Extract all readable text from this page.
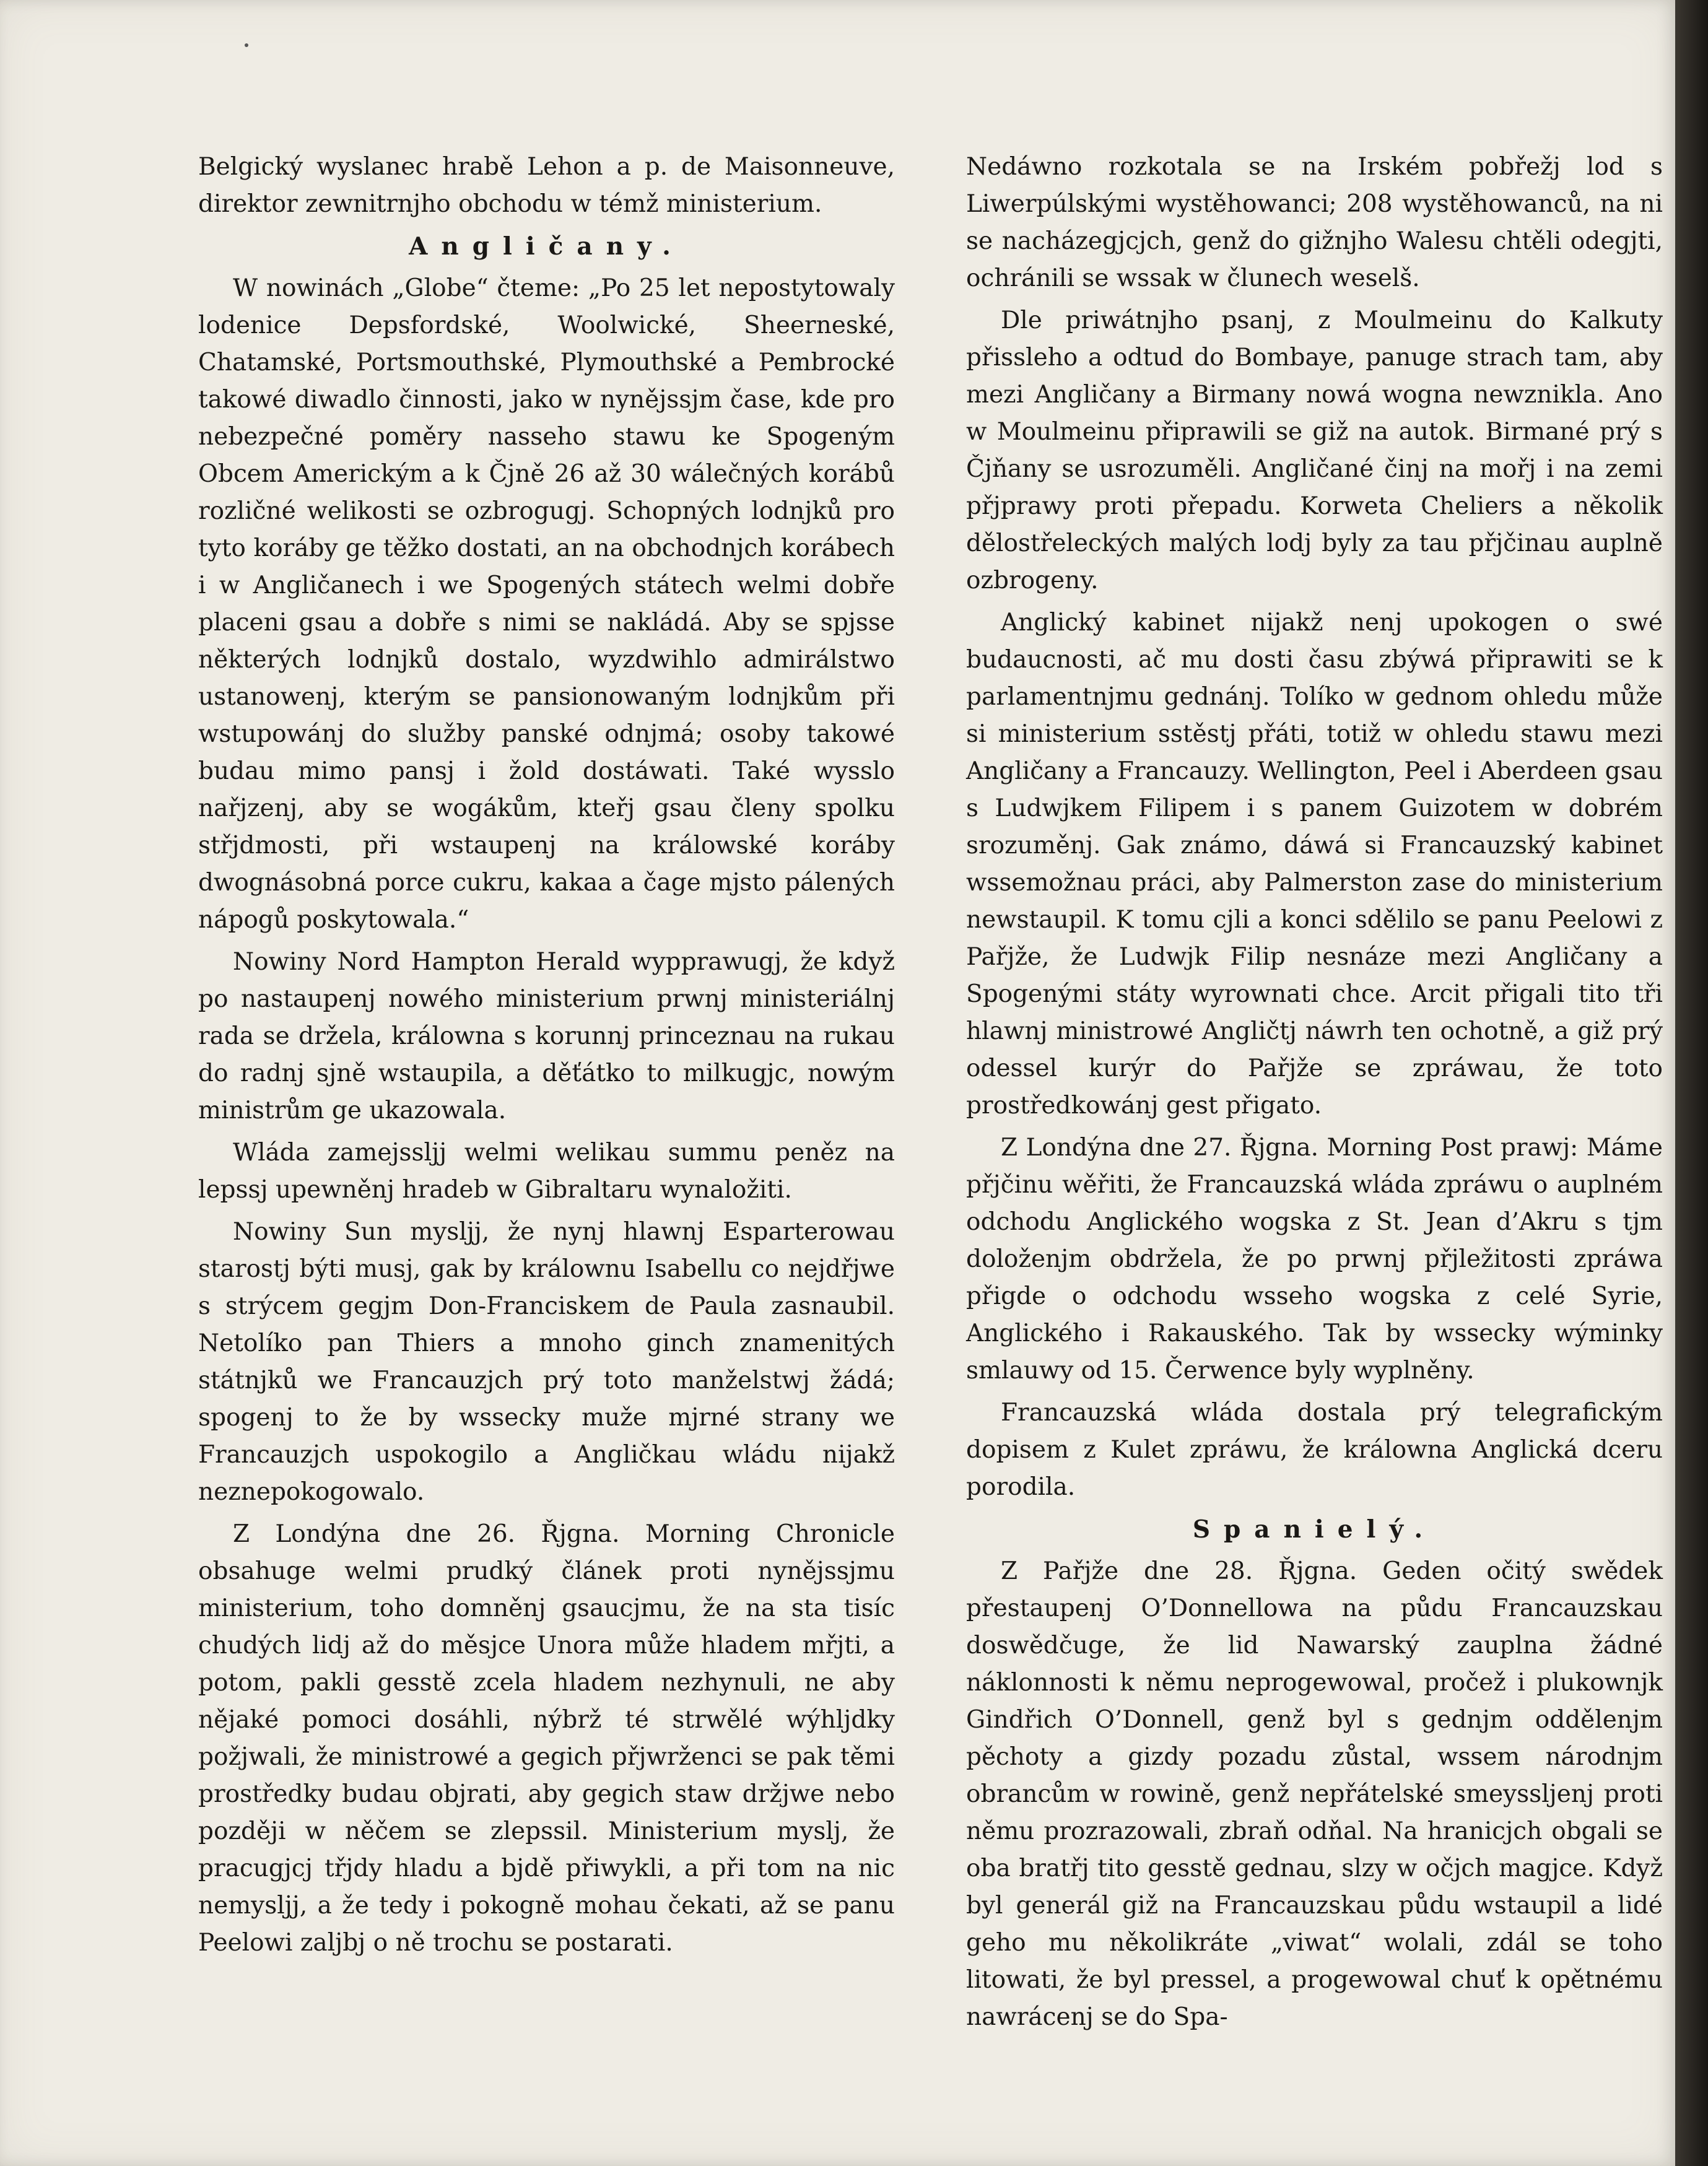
Belgický wyslanec hrabě Lehon a p. de Maisonneuve, direktor zewnitrnjho obchodu w témž ministerium.

Angličany.

W nowinách „Globe“ čteme: „Po 25 let nepostytowaly lodenice Depsfordské, Woolwické, Sheerneské, Chatamské, Portsmouthské, Plymouthské a Pembrocké takowé diwadlo činnosti, jako w nynějssjm čase, kde pro nebezpečné poměry nasseho stawu ke Spogeným Obcem Americkým a k Čjně 26 až 30 wálečných korábů rozličné welikosti se ozbrogugj. Schopných lodnjků pro tyto koráby ge těžko dostati, an na obchodnjch korábech i w Angličanech i we Spogených státech welmi dobře placeni gsau a dobře s nimi se nakládá. Aby se spjsse některých lodnjků dostalo, wyzdwihlo admirálstwo ustanowenj, kterým se pansionowaným lodnjkům při wstupowánj do služby panské odnjmá; osoby takowé budau mimo pansj i žold dostáwati. Také wysslo nařjzenj, aby se wogákům, kteřj gsau členy spolku střjdmosti, při wstaupenj na králowské koráby dwognásobná porce cukru, kakaa a čage mjsto pálených nápogů poskytowala.“

Nowiny Nord Hampton Herald wypprawugj, že když po nastaupenj nowého ministerium prwnj ministeriálnj rada se držela, králowna s korunnj princeznau na rukau do radnj sjně wstaupila, a děťátko to milkugjc, nowým ministrům ge ukazowala.

Wláda zamejssljj welmi welikau summu peněz na lepssj upewněnj hradeb w Gibraltaru wynaložiti.

Nowiny Sun mysljj, že nynj hlawnj Esparterowau starostj býti musj, gak by králownu Isabellu co nejdřjwe s strýcem gegjm Don-Franciskem de Paula zasnaubil. Netolíko pan Thiers a mnoho ginch znamenitých státnjků we Francauzjch prý toto manželstwj žádá; spogenj to že by wssecky muže mjrné strany we Francauzjch uspokogilo a Angličkau wládu nijakž neznepokogowalo.

Z Londýna dne 26. Řjgna. Morning Chronicle obsahuge welmi prudký článek proti nynějssjmu ministerium, toho domněnj gsaucjmu, že na sta tisíc chudých lidj až do měsjce Unora může hladem mřjti, a potom, pakli gesstě zcela hladem nezhynuli, ne aby nějaké pomoci dosáhli, nýbrž té strwělé wýhljdky požjwali, že ministrowé a gegich přjwrženci se pak těmi prostředky budau objrati, aby gegich staw držjwe nebo později w něčem se zlepssil. Ministerium myslj, že pracugjcj třjdy hladu a bjdě přiwykli, a při tom na nic nemysljj, a že tedy i pokogně mohau čekati, až se panu Peelowi zaljbj o ně trochu se postarati.

Nedáwno rozkotala se na Irském pobřežj lod s Liwerpúlskými wystěhowanci; 208 wystěhowanců, na ni se nacházegjcjch, genž do gižnjho Walesu chtěli odegjti, ochránili se wssak w člunech weselš.

Dle priwátnjho psanj, z Moulmeinu do Kalkuty přissleho a odtud do Bombaye, panuge strach tam, aby mezi Angličany a Birmany nowá wogna newznikla. Ano w Moulmeinu připrawili se giž na autok. Birmané prý s Čjňany se usrozuměli. Angličané činj na mořj i na zemi přjprawy proti přepadu. Korweta Cheliers a několik dělostřeleckých malých lodj byly za tau přjčinau auplně ozbrogeny.

Anglický kabinet nijakž nenj upokogen o swé budaucnosti, ač mu dosti času zbýwá připrawiti se k parlamentnjmu gednánj. Tolíko w gednom ohledu může si ministerium sstěstj přáti, totiž w ohledu stawu mezi Angličany a Francauzy. Wellington, Peel i Aberdeen gsau s Ludwjkem Filipem i s panem Guizotem w dobrém srozuměnj. Gak známo, dáwá si Francauzský kabinet wssemožnau práci, aby Palmerston zase do ministerium newstaupil. K tomu cjli a konci sdělilo se panu Peelowi z Pařjže, že Ludwjk Filip nesnáze mezi Angličany a Spogenými státy wyrownati chce. Arcit přigali tito tři hlawnj ministrowé Angličtj náwrh ten ochotně, a giž prý odessel kurýr do Pařjže se zpráwau, že toto prostředkowánj gest přigato.

Z Londýna dne 27. Řjgna. Morning Post prawj: Máme přjčinu wěřiti, že Francauzská wláda zpráwu o auplném odchodu Anglického wogska z St. Jean d’Akru s tjm doloženjm obdržela, že po prwnj přjležitosti zpráwa přigde o odchodu wsseho wogska z celé Syrie, Anglického i Rakauského. Tak by wssecky wýminky smlauwy od 15. Čerwence byly wyplněny.

Francauzská wláda dostala prý telegrafickým dopisem z Kulet zpráwu, že králowna Anglická dceru porodila.

Spanielý.

Z Pařjže dne 28. Řjgna. Geden očitý swědek přestaupenj O’Donnellowa na půdu Francauzskau doswědčuge, že lid Nawarský zauplna žádné náklonnosti k němu neprogewowal, pročež i plukownjk Gindřich O’Donnell, genž byl s gednjm oddělenjm pěchoty a gizdy pozadu zůstal, wssem národnjm obrancům w rowině, genž nepřátelské smeyssljenj proti němu prozrazowali, zbraň odňal. Na hranicjch obgali se oba bratřj tito gesstě gednau, slzy w očjch magjce. Když byl generál giž na Francauzskau půdu wstaupil a lidé geho mu několikráte „viwat“ wolali, zdál se toho litowati, že byl pressel, a progewowal chuť k opětnému nawrácenj se do Spa-
